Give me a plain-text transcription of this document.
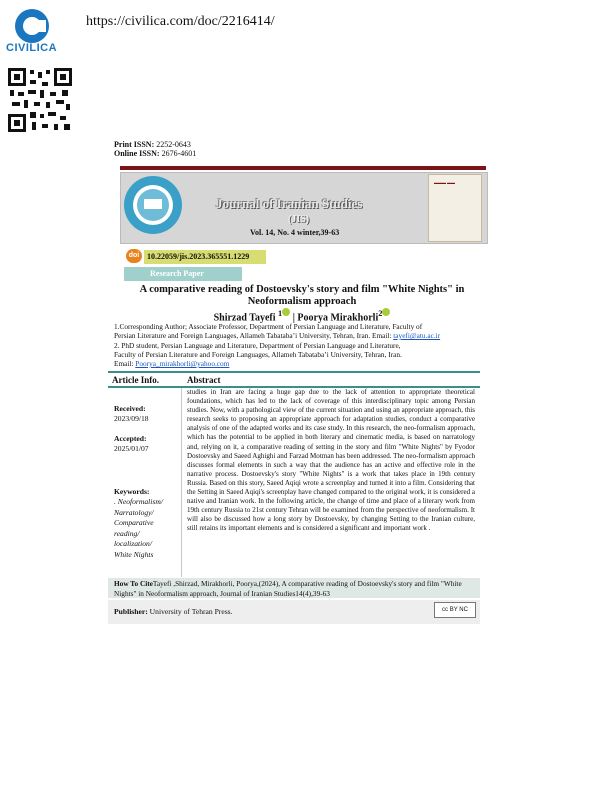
CIVILICA
https://civilica.com/doc/2216414/
Print ISSN: 2252-0643
Online ISSN: 2676-4601
Journal of Iranian Studies
(JIS)
Vol. 14, No. 4 winter,39-63
▬▬▬ ▬▬
doi 10.22059/jis.2023.365551.1229
Research Paper
A comparative reading of Dostoevsky's story and film "White Nights" in Neoformalism approach
Shirzad Tayefi $^1$ | Poorya Mirakhorli$^2$
1.Corresponding Author; Associate Professor, Department of Persian Language and Literature, Faculty of
Persian Literature and Foreign Languages, Allameh Tabataba’i University, Tehran, Iran. Email: tayefi@atu.ac.ir
2. PhD student, Persian Language and Literature, Department of Persian Language and Literature,
Faculty of Persian Literature and Foreign Languages, Allameh Tabataba’i University, Tehran, Iran.
Email: Poorya_mirakhorli@yahoo.com
Article Info.	Abstract
Received:
2023/09/18
Accepted:
2025/01/07
Keywords:
. Neoformalism/
Narratology/
Comparative
reading/
localization/
White Nights
studies in Iran are facing a huge gap due to the lack of attention to appropriate theoretical foundations, which has led to the lack of coverage of this interdisciplinary topic among Persian studies. Now, with a pathological view of the current situation and using an appropriate approach, this research seeks to proposing an appropriate approach for adaptation studies, conduct a comparative analysis of one of the adapted works and its case study. In this research, the neo-formalism approach, which has the potential to be applied in both literary and cinematic media, is based on narratology and, relying on it, a comparative reading of setting in the story and film "White Nights" by Fyodor Dostoevsky and Saeed Aghighi and Farzad Motman has been addressed. The neo-formalism approach discusses formal elements in such a way that the audience has an active and effective role in the narrative process. Dostoevsky's story "White Nights" is a work that takes place in 19th century Russia. Based on this story, Saeed Aqiqi wrote a screenplay and turned it into a film. Considering that the Setting in Saeed Aqiqi's screenplay have changed compared to the original work, it is considered a native and Iranian work. In the following article, the change of time and place of a literary work from 19th century Russia to 21st century Tehran will be examined from the perspective of neoformalism. It will also be discussed how a long story by Dostoevsky, by changing Setting to the Iranian culture, still retains its important elements and is considered a significant and important work .
How To CiteTayefi ,Shirzad, Mirakhorli, Poorya,(2024), A comparative reading of Dostoevsky's story and film "White Nights" in Neoformalism approach, Journal of Iranian Studies14(4),39-63
Publisher: University of Tehran Press.	cc BY NC
